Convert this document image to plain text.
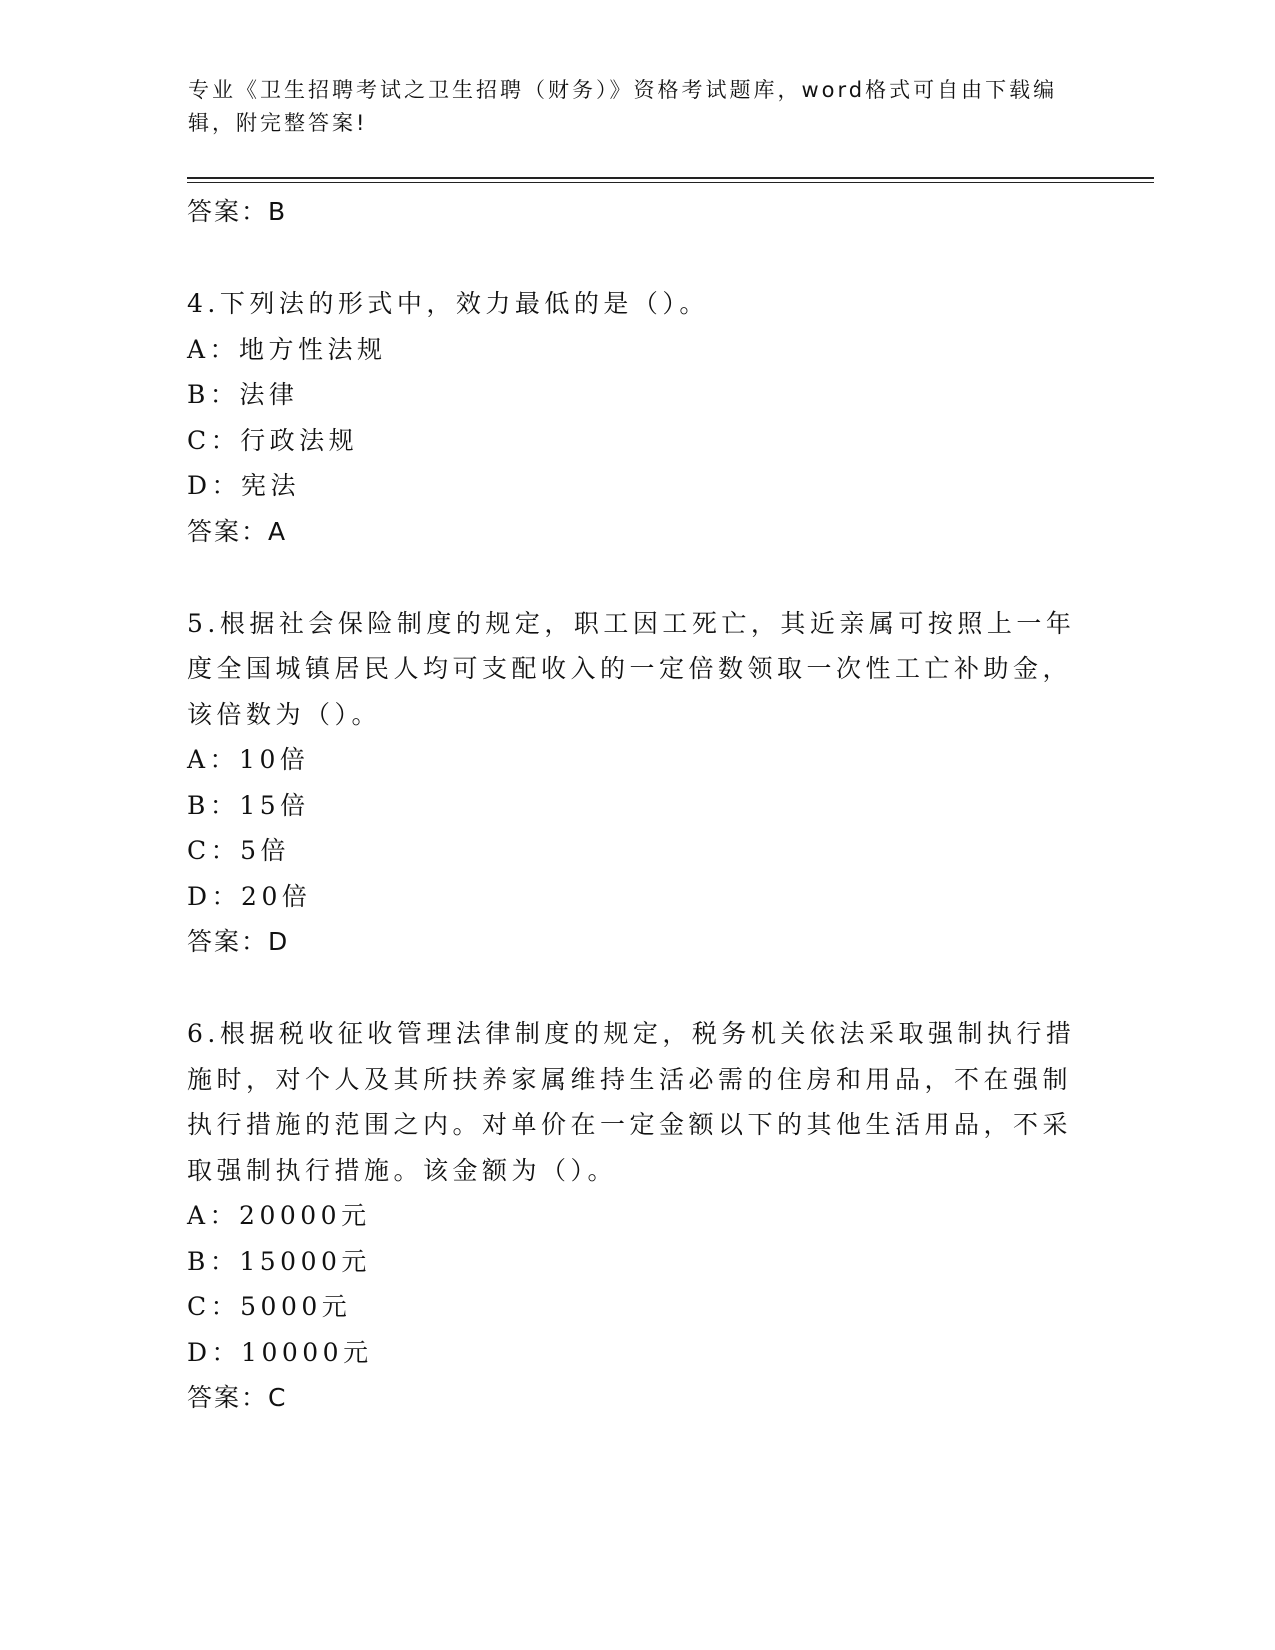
专业《卫生招聘考试之卫生招聘（财务）》资格考试题库，word格式可自由下载编辑，附完整答案!
答案：B
4.下列法的形式中，效力最低的是（）。
A：地方性法规
B：法律
C：行政法规
D：宪法
答案：A
5.根据社会保险制度的规定，职工因工死亡，其近亲属可按照上一年度全国城镇居民人均可支配收入的一定倍数领取一次性工亡补助金，该倍数为（）。
A：10倍
B：15倍
C：5倍
D：20倍
答案：D
6.根据税收征收管理法律制度的规定，税务机关依法采取强制执行措施时，对个人及其所扶养家属维持生活必需的住房和用品，不在强制执行措施的范围之内。对单价在一定金额以下的其他生活用品，不采取强制执行措施。该金额为（）。
A：20000元
B：15000元
C：5000元
D：10000元
答案：C
